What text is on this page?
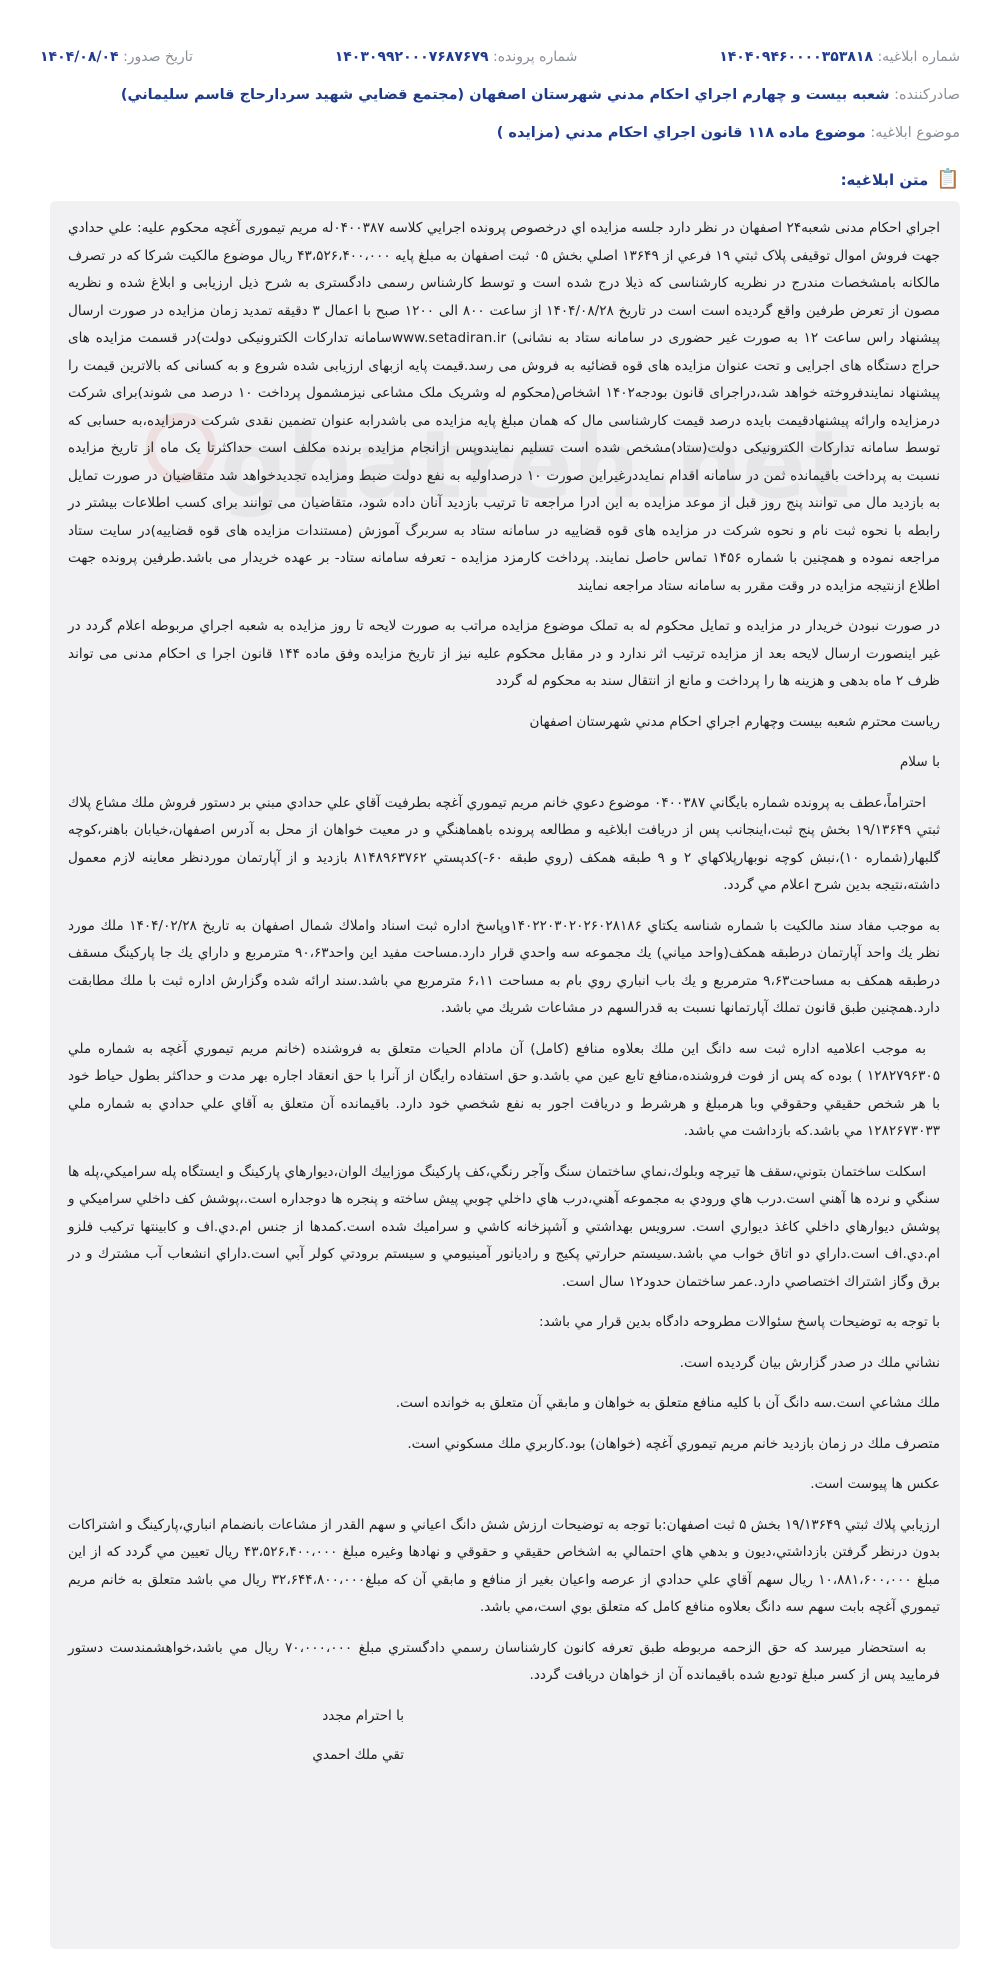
شماره ابلاغيه: ۱۴۰۴۰۹۴۶۰۰۰۰۳۵۳۸۱۸
شماره پرونده: ۱۴۰۳۰۹۹۲۰۰۰۷۶۸۷۶۷۹
تاريخ صدور: ۱۴۰۴/۰۸/۰۴
صادرکننده: شعبه بيست و چهارم اجراي احكام مدني شهرستان اصفهان (مجتمع قضايي شهيد سردارحاج قاسم سليماني)
موضوع ابلاغيه: موضوع ماده ۱۱۸ قانون اجراي احكام مدني (مزايده )
📋
متن ابلاغيه:

اجراي احکام مدنی شعبه۲۴ اصفهان در نظر دارد جلسه مزايده اي درخصوص پرونده اجرايي کلاسه ۰۴۰۰۳۸۷له مریم تیموری آغچه محکوم علیه: علي حدادي جهت فروش اموال توقيفی پلاک ثبتي ۱۹ فرعي از ۱۳۶۴۹ اصلي بخش ۰۵ ثبت اصفهان به مبلغ پایه ۴۳،۵۲۶،۴۰۰،۰۰۰ ریال موضوع مالکیت شرکا که در تصرف مالکانه بامشخصات مندرج در نظریه کارشناسی که ذیلا درج شده است و توسط کارشناس رسمی دادگستری به شرح ذیل ارزیابی و ابلاغ شده و نظریه مصون از تعرض طرفین واقع گردیده است است در تاریخ ۱۴۰۴/۰۸/۲۸ از ساعت ۸۰۰ الی ۱۲۰۰ صبح با اعمال ۳ دقیقه تمدید زمان مزایده در صورت ارسال پیشنهاد راس ساعت ۱۲ به صورت غیر حضوری در سامانه ستاد به نشانی) www.setadiran.irسامانه تدارکات الکترونیکی دولت)در قسمت مزایده های حراج دستگاه های اجرایی و تحت عنوان مزایده های قوه قضائیه به فروش می رسد.قیمت پایه ازبهای ارزیابی شده شروع و به کسانی که بالاترین قیمت را پیشنهاد نمایندفروخته خواهد شد،دراجرای قانون بودجه۱۴۰۲ اشخاص(محکوم له وشریک ملک مشاعی نیزمشمول پرداخت ۱۰ درصد می شوند)برای شرکت درمزایده وارائه پیشنهادقیمت بایده درصد قیمت کارشناسی مال که همان مبلغ پایه مزایده می باشدرابه عنوان تضمین نقدی شرکت درمزایده،به حسابی که توسط سامانه تدارکات الکترونیکی دولت(ستاد)مشخص شده است تسلیم نمایندوپس ازانجام مزایده برنده مکلف است حداکثرتا یک ماه از تاریخ مزایده نسبت به پرداخت باقیمانده ثمن در سامانه اقدام نمایددرغیراین صورت ۱۰ درصداولیه به نفع دولت ضبط ومزایده تجدیدخواهد شد متقاضیان در صورت تمایل به بازدید مال می توانند پنج روز قبل از موعد مزایده به این ادرا مراجعه تا ترتیب بازدید آنان داده شود، متقاضیان می توانند برای کسب اطلاعات بیشتر در رابطه با نحوه ثبت نام و نحوه شرکت در مزایده های قوه قضاییه در سامانه ستاد به سربرگ آموزش (مستندات مزایده های قوه قضاییه)در سایت ستاد مراجعه نموده و همچنین با شماره ۱۴۵۶ تماس حاصل نمایند. پرداخت کارمزد مزایده - تعرفه سامانه ستاد- بر عهده خریدار می باشد.طرفین پرونده جهت اطلاع ازنتیجه مزایده در وقت مقرر به سامانه ستاد مراجعه نمایند

در صورت نبودن خريدار در مزايده و تمايل محکوم له به تملک موضوع مزايده مراتب به صورت لايحه تا روز مزايده به شعبه اجراي مربوطه اعلام گردد در غير اينصورت ارسال لايحه بعد از مزايده ترتيب اثر ندارد و در مقابل محکوم عليه نيز از تاريخ مزايده وفق ماده ۱۴۴ قانون اجرا ی احکام مدنی می تواند ظرف ۲ ماه بدهی و هزينه ها را پرداخت و مانع از انتقال سند به محکوم له گردد

رياست محترم شعبه بيست وچهارم اجراي احكام مدني شهرستان اصفهان

با سلام

احتراماً،عطف به پرونده شماره بايگاني ۰۴۰۰۳۸۷ موضوع دعوي خانم مريم تيموري آغچه بطرفيت آقاي علي حدادي مبني بر دستور فروش ملك مشاع پلاك ثبتي ۱۹/۱۳۶۴۹ بخش پنج ثبت،اينجانب پس از دريافت ابلاغيه و مطالعه پرونده باهماهنگي و در معيت خواهان از محل به آدرس اصفهان،خيابان باهنر،كوچه گلبهار(شماره ۱۰)،نبش كوچه نوبهارپلاكهاي ۲ و ۹ طبقه همكف (روي طبقه ۶۰-)كدپستي ۸۱۴۸۹۶۳۷۶۲ بازديد و از آپارتمان موردنظر معاينه لازم معمول داشته،نتيجه بدين شرح اعلام مي گردد.

به موجب مفاد سند مالكيت با شماره شناسه يكتاي ۱۴۰۲۲۰۳۰۲۰۲۶۰۲۸۱۸۶وپاسخ اداره ثبت اسناد واملاك شمال اصفهان به تاريخ ۱۴۰۴/۰۲/۲۸ ملك مورد نظر يك واحد آپارتمان درطبقه همكف(واحد مياني) يك مجموعه سه واحدي قرار دارد.مساحت مفيد اين واحد۹۰،۶۳ مترمربع و داراي يك جا پاركينگ مسقف درطبقه همكف به مساحت۹،۶۳ مترمربع و يك باب انباري روي بام به مساحت ۶،۱۱ مترمربع مي باشد.سند ارائه شده وگزارش اداره ثبت با ملك مطابقت دارد.همچنين طبق قانون تملك آپارتمانها نسبت به قدرالسهم در مشاعات شريك مي باشد.

به موجب اعلاميه اداره ثبت سه دانگ اين ملك بعلاوه منافع (كامل) آن مادام الحيات متعلق به فروشنده (خانم مريم تيموري آغچه به شماره ملي ۱۲۸۲۷۹۶۳۰۵ ) بوده كه پس از فوت فروشنده،منافع تابع عين مي باشد.و حق استفاده رايگان از آنرا با حق انعقاد اجاره بهر مدت و حداكثر بطول حياط خود با هر شخص حقيقي وحقوقي وبا هرمبلغ و هرشرط و دريافت اجور به نفع شخصي خود دارد. باقيمانده آن متعلق به آقاي علي حدادي به شماره ملي ۱۲۸۲۶۷۳۰۳۳ مي باشد.كه بازداشت مي باشد.

اسكلت ساختمان بتوني،سقف ها تيرچه وبلوك،نماي ساختمان سنگ وآجر رنگي،كف پاركينگ موزاييك الوان،ديوارهاي پاركينگ و ايستگاه پله سراميكي،پله ها سنگي و نرده ها آهني است.درب هاي ورودي به مجموعه آهني،درب هاي داخلي چوبي پيش ساخته و پنجره ها دوجداره است.،پوشش كف داخلي سراميكي و پوشش ديوارهاي داخلي كاغذ ديواري است. سرويس بهداشتي و آشپزخانه كاشي و سراميك شده است.كمدها از جنس ام.دي.اف و كابينتها تركيب فلزو ام.دي.اف است.داراي دو اتاق خواب مي باشد.سيستم حرارتي پكيج و راديانور آمينيومي و سيستم برودتي كولر آبي است.داراي انشعاب آب مشترك و در برق وگاز اشتراك اختصاصي دارد.عمر ساختمان حدود۱۲ سال است.

با توجه به توضيحات پاسخ سئوالات مطروحه دادگاه بدين قرار مي باشد:

نشاني ملك در صدر گزارش بيان گرديده است.

ملك مشاعي است.سه دانگ آن با كليه منافع متعلق به خواهان و مابقي آن متعلق به خوانده است.

متصرف ملك در زمان بازديد خانم مريم تيموري آغچه (خواهان) بود.كاربري ملك مسكوني است.

عكس ها پيوست است.

ارزيابي پلاك ثبتي ۱۹/۱۳۶۴۹ بخش ۵ ثبت اصفهان:با توجه به توضيحات ارزش شش دانگ اعياني و سهم القدر از مشاعات بانضمام انباري،پاركينگ و اشتراكات بدون درنظر گرفتن بازداشتي،ديون و بدهي هاي احتمالي به اشخاص حقيقي و حقوقي و نهادها وغيره مبلغ ۴۳،۵۲۶،۴۰۰،۰۰۰ ريال تعيين مي گردد كه از اين مبلغ ۱۰،۸۸۱،۶۰۰،۰۰۰ ريال سهم آقاي علي حدادي از عرصه واعيان بغير از منافع و مابقي آن كه مبلغ۳۲،۶۴۴،۸۰۰،۰۰۰ ريال مي باشد متعلق به خانم مريم تيموري آغچه بابت سهم سه دانگ بعلاوه منافع كامل كه متعلق بوي است،مي باشد.

به استحضار ميرسد كه حق الزحمه مربوطه طبق تعرفه كانون كارشناسان رسمي دادگستري مبلغ ۷۰،۰۰۰،۰۰۰ ريال مي باشد،خواهشمندست دستور فرماييد پس از كسر مبلغ توديع شده باقيمانده آن از خواهان دريافت گردد.

با احترام مجدد

تقي ملك احمدي
